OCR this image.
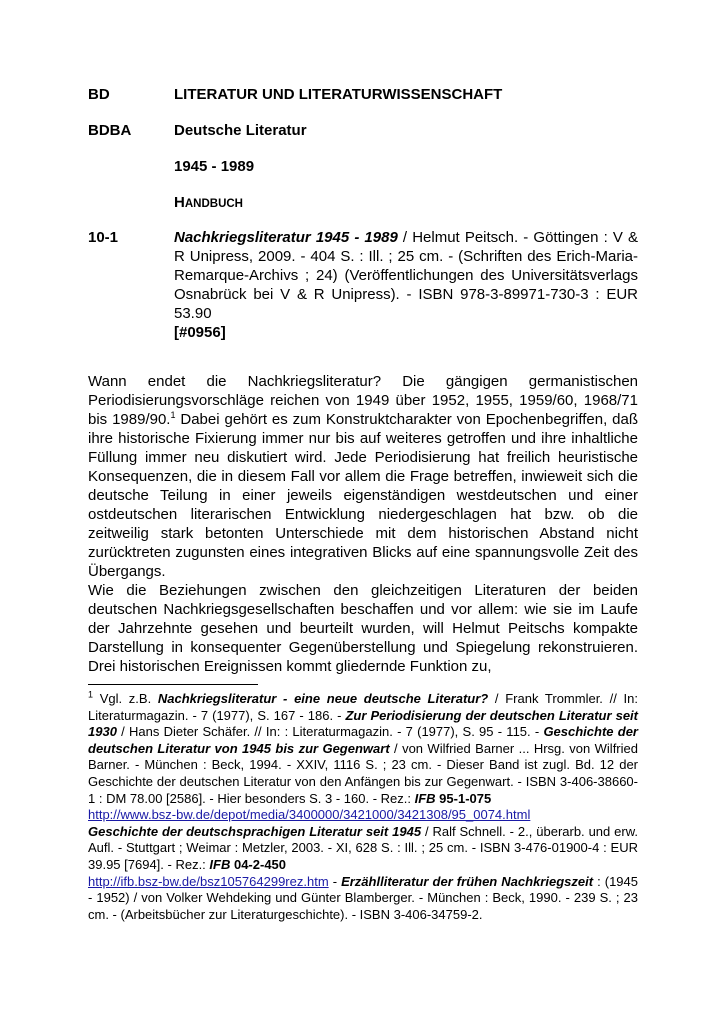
BD	LITERATUR UND LITERATURWISSENSCHAFT
BDBA	Deutsche Literatur
1945 - 1989
HANDBUCH
10-1	Nachkriegsliteratur 1945 - 1989 / Helmut Peitsch. - Göttingen : V & R Unipress, 2009. - 404 S. : Ill. ; 25 cm. - (Schriften des Erich-Maria-Remarque-Archivs ; 24) (Veröffentlichungen des Universitätsverlags Osnabrück bei V & R Unipress). - ISBN 978-3-89971-730-3 : EUR 53.90
[#0956]

Wann endet die Nachkriegsliteratur? Die gängigen germanistischen Periodisierungsvorschläge reichen von 1949 über 1952, 1955, 1959/60, 1968/71 bis 1989/90.$^1$ Dabei gehört es zum Konstruktcharakter von Epochenbegriffen, daß ihre historische Fixierung immer nur bis auf weiteres getroffen und ihre inhaltliche Füllung immer neu diskutiert wird. Jede Periodisierung hat freilich heuristische Konsequenzen, die in diesem Fall vor allem die Frage betreffen, inwieweit sich die deutsche Teilung in einer jeweils eigenständigen westdeutschen und einer ostdeutschen literarischen Entwicklung niedergeschlagen hat bzw. ob die zeitweilig stark betonten Unterschiede mit dem historischen Abstand nicht zurücktreten zugunsten eines integrativen Blicks auf eine spannungsvolle Zeit des Übergangs.

Wie die Beziehungen zwischen den gleichzeitigen Literaturen der beiden deutschen Nachkriegsgesellschaften beschaffen und vor allem: wie sie im Laufe der Jahrzehnte gesehen und beurteilt wurden, will Helmut Peitschs kompakte Darstellung in konsequenter Gegenüberstellung und Spiegelung rekonstruieren. Drei historischen Ereignissen kommt gliedernde Funktion zu,

$^1$ Vgl. z.B. Nachkriegsliteratur - eine neue deutsche Literatur? / Frank Trommler. // In: Literaturmagazin. - 7 (1977), S. 167 - 186. - Zur Periodisierung der deutschen Literatur seit 1930 / Hans Dieter Schäfer. // In: : Literaturmagazin. - 7 (1977), S. 95 - 115. - Geschichte der deutschen Literatur von 1945 bis zur Gegenwart / von Wilfried Barner ... Hrsg. von Wilfried Barner. - München : Beck, 1994. - XXIV, 1116 S. ; 23 cm. - Dieser Band ist zugl. Bd. 12 der Geschichte der deutschen Literatur von den Anfängen bis zur Gegenwart. - ISBN 3-406-38660-1 : DM 78.00 [2586]. - Hier besonders S. 3 - 160. - Rez.: IFB 95-1-075

http://www.bsz-bw.de/depot/media/3400000/3421000/3421308/95_0074.html

Geschichte der deutschsprachigen Literatur seit 1945 / Ralf Schnell. - 2., überarb. und erw. Aufl. - Stuttgart ; Weimar : Metzler, 2003. - XI, 628 S. : Ill. ; 25 cm. - ISBN 3-476-01900-4 : EUR 39.95 [7694]. - Rez.: IFB 04-2-450

http://ifb.bsz-bw.de/bsz105764299rez.htm - Erzählliteratur der frühen Nachkriegszeit : (1945 - 1952) / von Volker Wehdeking und Günter Blamberger. - München : Beck, 1990. - 239 S. ; 23 cm. - (Arbeitsbücher zur Literaturgeschichte). - ISBN 3-406-34759-2.
